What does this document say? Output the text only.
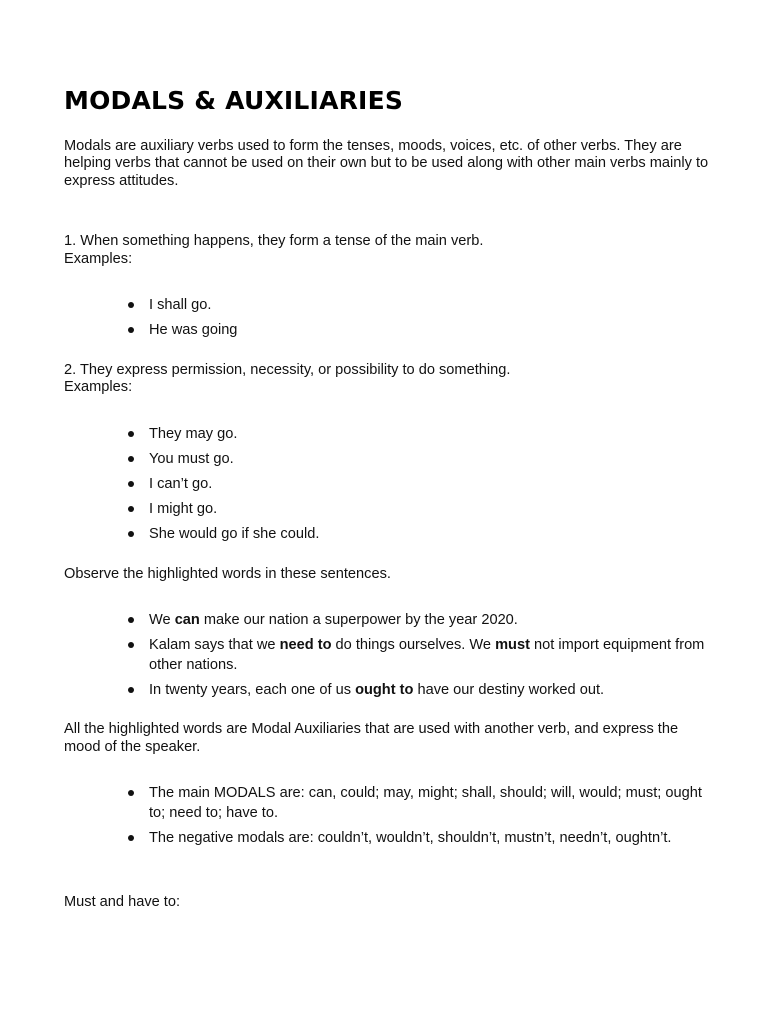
MODALS & AUXILIARIES

Modals are auxiliary verbs used to form the tenses, moods, voices, etc. of other verbs. They are helping verbs that cannot be used on their own but to be used along with other main verbs mainly to express attitudes.

1. When something happens, they form a tense of the main verb.

Examples:

I shall go.
He was going

2. They express permission, necessity, or possibility to do something.

Examples:

They may go.
You must go.
I can’t go.
I might go.
She would go if she could.

Observe the highlighted words in these sentences.

We can make our nation a superpower by the year 2020.
Kalam says that we need to do things ourselves. We must not import equipment from other nations.
In twenty years, each one of us ought to have our destiny worked out.

All the highlighted words are Modal Auxiliaries that are used with another verb, and express the mood of the speaker.

The main MODALS are: can, could; may, might; shall, should; will, would; must; ought to; need to; have to.
The negative modals are: couldn’t, wouldn’t, shouldn’t, mustn’t, needn’t, oughtn’t.

Must and have to:
